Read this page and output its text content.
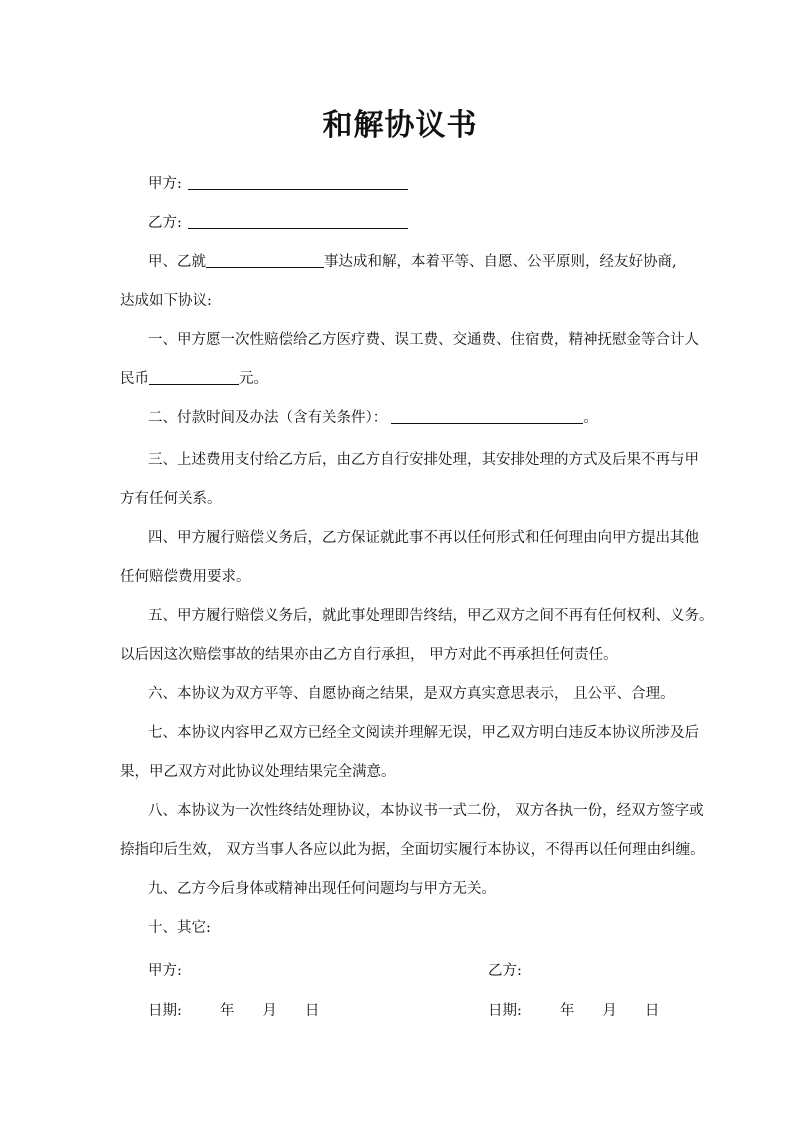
和解协议书
甲方:
乙方:
甲、乙就	事达成和解，本着平等、自愿、公平原则，经友好协商,
达成如下协议:
一、甲方愿一次性赔偿给乙方医疗费、误工费、交通费、住宿费，精神抚慰金等合计人
民币	元。
二、付款时间及办法（含有关条件）：	。
三、上述费用支付给乙方后，由乙方自行安排处理，其安排处理的方式及后果不再与甲
方有任何关系。
四、甲方履行赔偿义务后，乙方保证就此事不再以任何形式和任何理由向甲方提出其他
任何赔偿费用要求。
五、甲方履行赔偿义务后，就此事处理即告终结，甲乙双方之间不再有任何权利、义务。
以后因这次赔偿事故的结果亦由乙方自行承担， 甲方对此不再承担任何责任。
六、本协议为双方平等、自愿协商之结果，是双方真实意思表示， 且公平、合理。
七、本协议内容甲乙双方已经全文阅读并理解无误，甲乙双方明白违反本协议所涉及后
果，甲乙双方对此协议处理结果完全满意。
八、本协议为一次性终结处理协议，本协议书一式二份， 双方各执一份，经双方签字或
捺指印后生效， 双方当事人各应以此为据，全面切实履行本协议，不得再以任何理由纠缠。
九、乙方今后身体或精神出现任何问题均与甲方无关。
十、其它:
甲方:	乙方:
日期:	年 月 日	日期:	年 月 日
